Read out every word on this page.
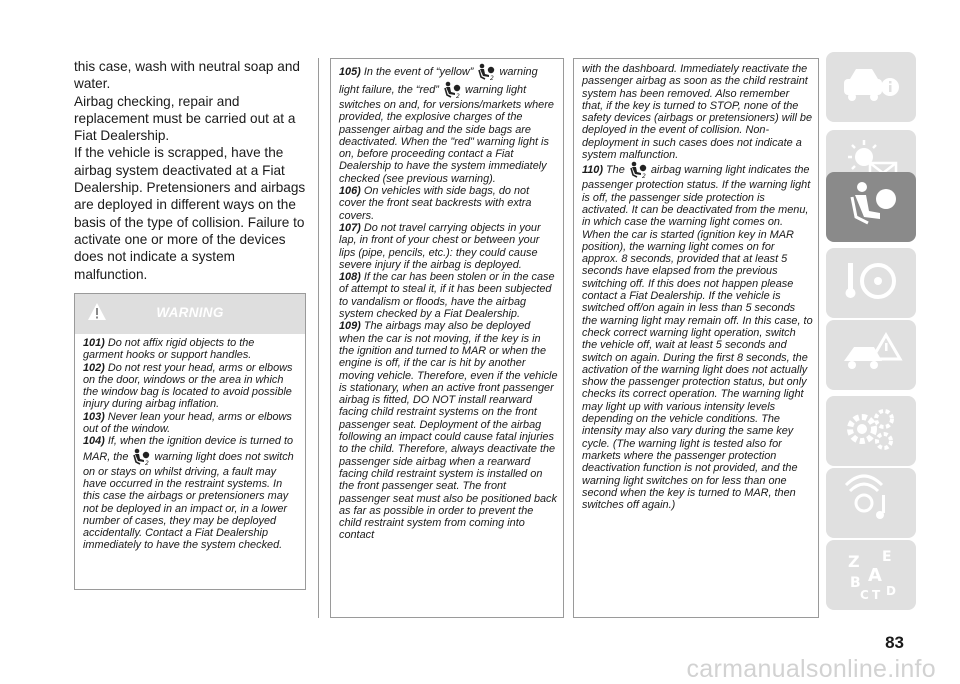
this case, wash with neutral soap and water.

Airbag checking, repair and replacement must be carried out at a Fiat Dealership.

If the vehicle is scrapped, have the airbag system deactivated at a Fiat Dealership. Pretensioners and airbags are deployed in different ways on the basis of the type of collision. Failure to activate one or more of the devices does not indicate a system malfunction.

WARNING

101) Do not affix rigid objects to the garment hooks or support handles.

102) Do not rest your head, arms or elbows on the door, windows or the area in which the window bag is located to avoid possible injury during airbag inflation.

103) Never lean your head, arms or elbows out of the window.

104) If, when the ignition device is turned to MAR, the
2
warning light does not switch on or stays on whilst driving, a fault may have occurred in the restraint systems. In this case the airbags or pretensioners may not be deployed in an impact or, in a lower number of cases, they may be deployed accidentally. Contact a Fiat Dealership immediately to have the system checked.

105) In the event of “yellow”
2
warning light failure, the “red”
2
warning light switches on and, for versions/markets where provided, the explosive charges of the passenger airbag and the side bags are deactivated. When the "red" warning light is on, before proceeding contact a Fiat Dealership to have the system immediately checked (see previous warning).

106) On vehicles with side bags, do not cover the front seat backrests with extra covers.

107) Do not travel carrying objects in your lap, in front of your chest or between your lips (pipe, pencils, etc.): they could cause severe injury if the airbag is deployed.

108) If the car has been stolen or in the case of attempt to steal it, if it has been subjected to vandalism or floods, have the airbag system checked by a Fiat Dealership.

109) The airbags may also be deployed when the car is not moving, if the key is in the ignition and turned to MAR or when the engine is off, if the car is hit by another moving vehicle. Therefore, even if the vehicle is stationary, when an active front passenger airbag is fitted, DO NOT install rearward facing child restraint systems on the front passenger seat. Deployment of the airbag following an impact could cause fatal injuries to the child. Therefore, always deactivate the passenger side airbag when a rearward facing child restraint system is installed on the front passenger seat. The front passenger seat must also be positioned back as far as possible in order to prevent the child restraint system from coming into contact

with the dashboard. Immediately reactivate the passenger airbag as soon as the child restraint system has been removed. Also remember that, if the key is turned to STOP, none of the safety devices (airbags or pretensioners) will be deployed in the event of collision. Non-deployment in such cases does not indicate a system malfunction.

110) The
2
airbag warning light indicates the passenger protection status. If the warning light is off, the passenger side protection is activated. It can be deactivated from the menu, in which case the warning light comes on. When the car is started (ignition key in MAR position), the warning light comes on for approx. 8 seconds, provided that at least 5 seconds have elapsed from the previous switching off. If this does not happen please contact a Fiat Dealership. If the vehicle is switched off/on again in less than 5 seconds the warning light may remain off. In this case, to check correct warning light operation, switch the vehicle off, wait at least 5 seconds and switch on again. During the first 8 seconds, the activation of the warning light does not actually show the passenger protection status, but only checks its correct operation. The warning light may light up with various intensity levels depending on the vehicle conditions. The intensity may also vary during the same key cycle. (The warning light is tested also for markets where the passenger protection deactivation function is not provided, and the warning light switches on for less than one second when the key is turned to MAR, then switches off again.)

Z E
B A
C D
T
83
carmanualsonline.info
